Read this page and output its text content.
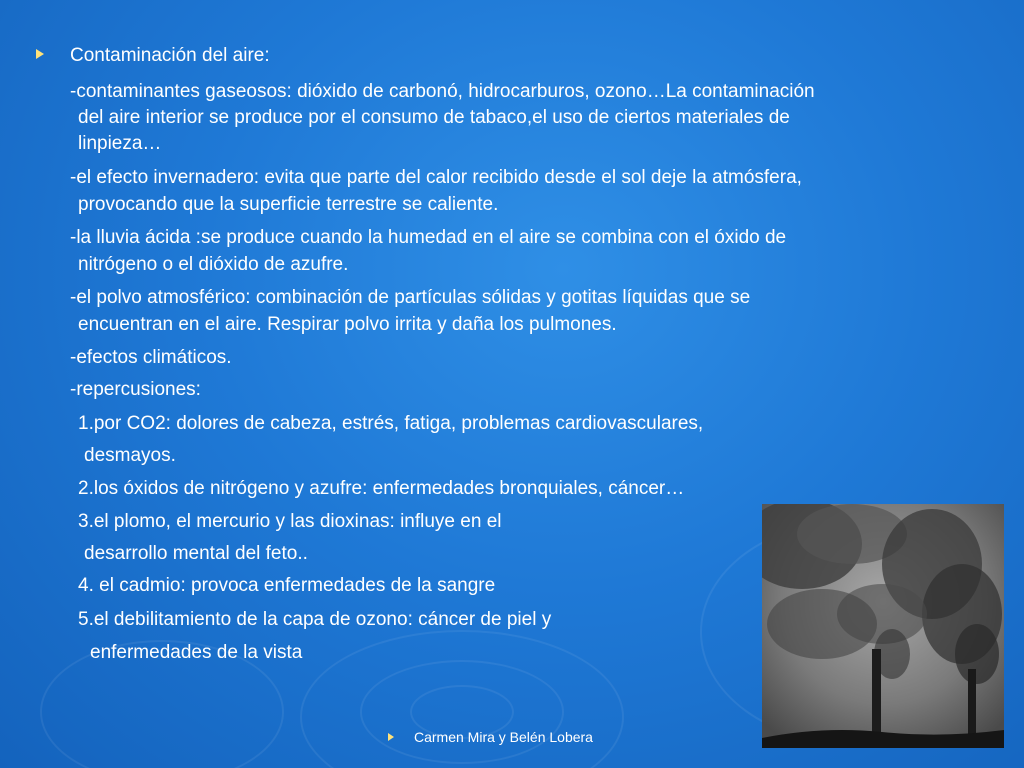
Contaminación del aire:
-contaminantes gaseosos: dióxido de carbonó, hidrocarburos, ozono…La contaminación
del aire interior se produce por el consumo de tabaco,el uso de ciertos materiales de
linpieza…
-el efecto invernadero: evita que parte del calor recibido desde el sol deje la atmósfera,
provocando que la superficie terrestre se caliente.
-la lluvia ácida :se produce cuando la humedad en el aire se combina con el óxido de
nitrógeno o el dióxido de azufre.
-el polvo atmosférico: combinación de partículas sólidas y gotitas líquidas que se
encuentran en el aire. Respirar polvo irrita y daña los pulmones.
-efectos climáticos.
-repercusiones:
1.por CO2: dolores de cabeza, estrés, fatiga, problemas cardiovasculares,
desmayos.
2.los óxidos de nitrógeno y azufre: enfermedades bronquiales, cáncer…
3.el plomo, el mercurio y las dioxinas: influye en el
desarrollo mental del feto..
4. el cadmio: provoca enfermedades de la sangre
5.el debilitamiento de la capa de ozono: cáncer de piel y
enfermedades de la vista
Carmen Mira y Belén Lobera
